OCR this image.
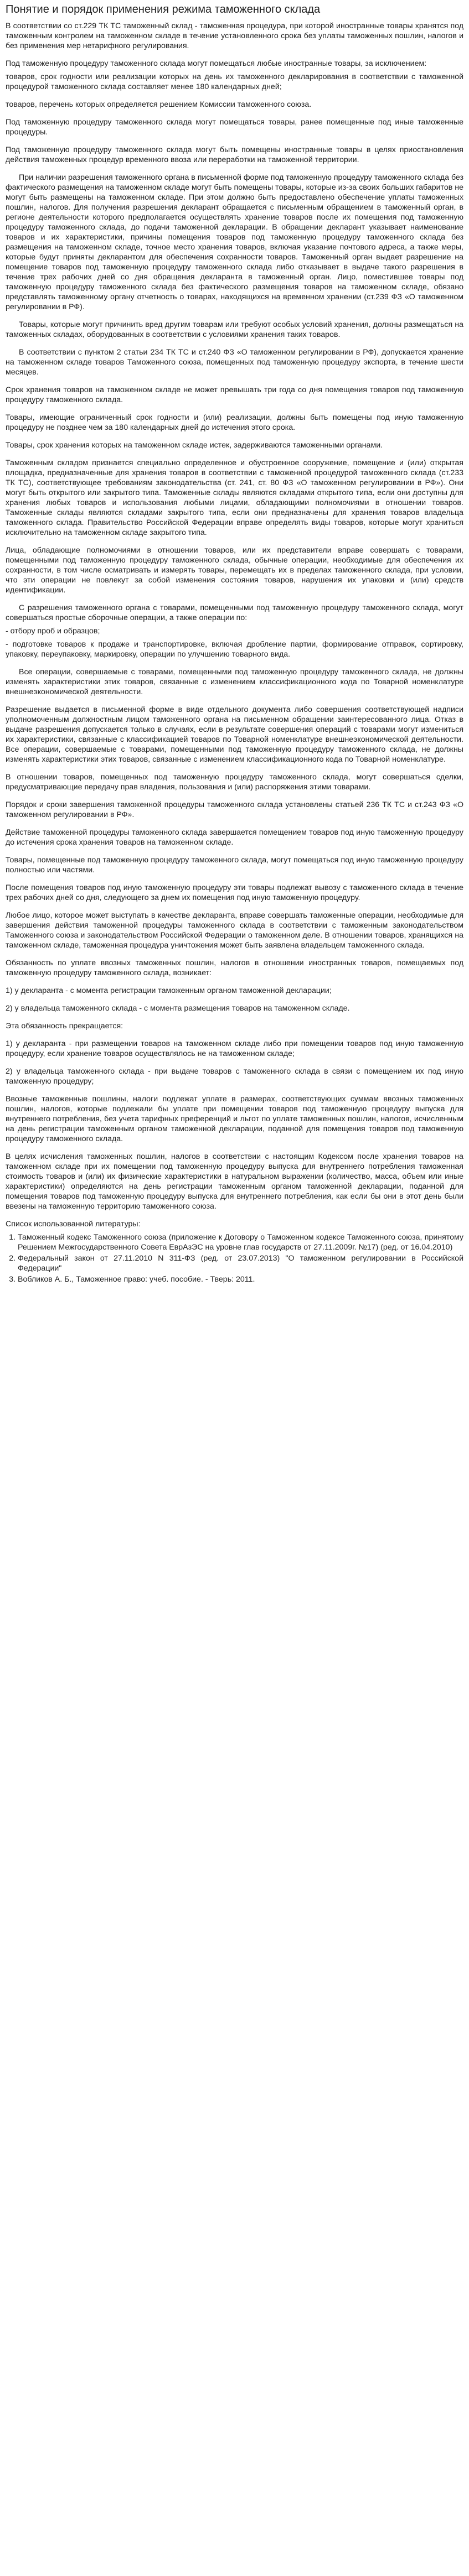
Понятие и порядок применения режима таможенного склада

В соответствии со ст.229 ТК ТС таможенный склад - таможенная процедура, при которой иностранные товары хранятся под таможенным контролем на таможенном складе в течение установленного срока без уплаты таможенных пошлин, налогов и без применения мер нетарифного регулирования.

Под таможенную процедуру таможенного склада могут помещаться любые иностранные товары, за исключением:

товаров, срок годности или реализации которых на день их таможенного декларирования в соответствии с таможенной процедурой таможенного склада составляет менее 180 календарных дней;

товаров, перечень которых определяется решением Комиссии таможенного союза.

Под таможенную процедуру таможенного склада могут помещаться товары, ранее помещенные под иные таможенные процедуры.

Под таможенную процедуру таможенного склада могут быть помещены иностранные товары в целях приостановления действия таможенных процедур временного ввоза или переработки на таможенной территории.

При наличии разрешения таможенного органа в письменной форме под таможенную процедуру таможенного склада без фактического размещения на таможенном складе могут быть помещены товары, которые из-за своих больших габаритов не могут быть размещены на таможенном складе. При этом должно быть предоставлено обеспечение уплаты таможенных пошлин, налогов. Для получения разрешения декларант обращается с письменным обращением в таможенный орган, в регионе деятельности которого предполагается осуществлять хранение товаров после их помещения под таможенную процедуру таможенного склада, до подачи таможенной декларации. В обращении декларант указывает наименование товаров и их характеристики, причины помещения товаров под таможенную процедуру таможенного склада без размещения на таможенном складе, точное место хранения товаров, включая указание почтового адреса, а также меры, которые будут приняты декларантом для обеспечения сохранности товаров. Таможенный орган выдает разрешение на помещение товаров под таможенную процедуру таможенного склада либо отказывает в выдаче такого разрешения в течение трех рабочих дней со дня обращения декларанта в таможенный орган. Лицо, поместившее товары под таможенную процедуру таможенного склада без фактического размещения товаров на таможенном складе, обязано представлять таможенному органу отчетность о товарах, находящихся на временном хранении (ст.239 ФЗ «О таможенном регулировании в РФ).

Товары, которые могут причинить вред другим товарам или требуют особых условий хранения, должны размещаться на таможенных складах, оборудованных в соответствии с условиями хранения таких товаров.

В соответствии с пунктом 2 статьи 234 ТК ТС и ст.240 ФЗ «О таможенном регулировании в РФ), допускается хранение на таможенном складе товаров Таможенного союза, помещенных под таможенную процедуру экспорта, в течение шести месяцев.

Срок хранения товаров на таможенном складе не может превышать три года со дня помещения товаров под таможенную процедуру таможенного склада.

Товары, имеющие ограниченный срок годности и (или) реализации, должны быть помещены под иную таможенную процедуру не позднее чем за 180 календарных дней до истечения этого срока.

Товары, срок хранения которых на таможенном складе истек, задерживаются таможенными органами.

Таможенным складом признается специально определенное и обустроенное сооружение, помещение и (или) открытая площадка, предназначенные для хранения товаров в соответствии с таможенной процедурой таможенного склада (ст.233 ТК ТС), соответствующее требованиям законодательства (ст. 241, ст. 80 ФЗ «О таможенном регулировании в РФ»). Они могут быть открытого или закрытого типа. Таможенные склады являются складами открытого типа, если они доступны для хранения любых товаров и использования любыми лицами, обладающими полномочиями в отношении товаров. Таможенные склады являются складами закрытого типа, если они предназначены для хранения товаров владельца таможенного склада. Правительство Российской Федерации вправе определять виды товаров, которые могут храниться исключительно на таможенном складе закрытого типа.

Лица, обладающие полномочиями в отношении товаров, или их представители вправе совершать с товарами, помещенными под таможенную процедуру таможенного склада, обычные операции, необходимые для обеспечения их сохранности, в том числе осматривать и измерять товары, перемещать их в пределах таможенного склада, при условии, что эти операции не повлекут за собой изменения состояния товаров, нарушения их упаковки и (или) средств идентификации.

С разрешения таможенного органа с товарами, помещенными под таможенную процедуру таможенного склада, могут совершаться простые сборочные операции, а также операции по:

- отбору проб и образцов;

- подготовке товаров к продаже и транспортировке, включая дробление партии, формирование отправок, сортировку, упаковку, переупаковку, маркировку, операции по улучшению товарного вида.

Все операции, совершаемые с товарами, помещенными под таможенную процедуру таможенного склада, не должны изменять характеристики этих товаров, связанные с изменением классификационного кода по Товарной номенклатуре внешнеэкономической деятельности.

Разрешение выдается в письменной форме в виде отдельного документа либо совершения соответствующей надписи уполномоченным должностным лицом таможенного органа на письменном обращении заинтересованного лица. Отказ в выдаче разрешения допускается только в случаях, если в результате совершения операций с товарами могут измениться их характеристики, связанные с классификацией товаров по Товарной номенклатуре внешнеэкономической деятельности. Все операции, совершаемые с товарами, помещенными под таможенную процедуру таможенного склада, не должны изменять характеристики этих товаров, связанные с изменением классификационного кода по Товарной номенклатуре.

В отношении товаров, помещенных под таможенную процедуру таможенного склада, могут совершаться сделки, предусматривающие передачу прав владения, пользования и (или) распоряжения этими товарами.

Порядок и сроки завершения таможенной процедуры таможенного склада установлены статьей 236 ТК ТС и ст.243 ФЗ «О таможенном регулировании в РФ».

Действие таможенной процедуры таможенного склада завершается помещением товаров под иную таможенную процедуру до истечения срока хранения товаров на таможенном складе.

Товары, помещенные под таможенную процедуру таможенного склада, могут помещаться под иную таможенную процедуру полностью или частями.

После помещения товаров под иную таможенную процедуру эти товары подлежат вывозу с таможенного склада в течение трех рабочих дней со дня, следующего за днем их помещения под иную таможенную процедуру.

Любое лицо, которое может выступать в качестве декларанта, вправе совершать таможенные операции, необходимые для завершения действия таможенной процедуры таможенного склада в соответствии с таможенным законодательством Таможенного союза и законодательством Российской Федерации о таможенном деле. В отношении товаров, хранящихся на таможенном складе, таможенная процедура уничтожения может быть заявлена владельцем таможенного склада.

Обязанность по уплате ввозных таможенных пошлин, налогов в отношении иностранных товаров, помещаемых под таможенную процедуру таможенного склада, возникает:

1) у декларанта - с момента регистрации таможенным органом таможенной декларации;

2) у владельца таможенного склада - с момента размещения товаров на таможенном складе.

Эта обязанность прекращается:

1) у декларанта - при размещении товаров на таможенном складе либо при помещении товаров под иную таможенную процедуру, если хранение товаров осуществлялось не на таможенном складе;

2) у владельца таможенного склада - при выдаче товаров с таможенного склада в связи с помещением их под иную таможенную процедуру;

Ввозные таможенные пошлины, налоги подлежат уплате в размерах, соответствующих суммам ввозных таможенных пошлин, налогов, которые подлежали бы уплате при помещении товаров под таможенную процедуру выпуска для внутреннего потребления, без учета тарифных преференций и льгот по уплате таможенных пошлин, налогов, исчисленным на день регистрации таможенным органом таможенной декларации, поданной для помещения товаров под таможенную процедуру таможенного склада.

В целях исчисления таможенных пошлин, налогов в соответствии с настоящим Кодексом после хранения товаров на таможенном складе при их помещении под таможенную процедуру выпуска для внутреннего потребления таможенная стоимость товаров и (или) их физические характеристики в натуральном выражении (количество, масса, объем или иные характеристики) определяются на день регистрации таможенным органом таможенной декларации, поданной для помещения товаров под таможенную процедуру выпуска для внутреннего потребления, как если бы они в этот день были ввезены на таможенную территорию таможенного союза.

Список использованной литературы:

1. Таможенный кодекс Таможенного союза (приложение к Договору о Таможенном кодексе Таможенного союза, принятому Решением Межгосударственного Совета ЕврАзЭС на уровне глав государств от 27.11.2009г. №17) (ред. от 16.04.2010)
2. Федеральный закон от 27.11.2010 N 311-ФЗ (ред. от 23.07.2013) "О таможенном регулировании в Российской Федерации"
3. Вобликов А. Б., Таможенное право: учеб. пособие. - Тверь: 2011.
